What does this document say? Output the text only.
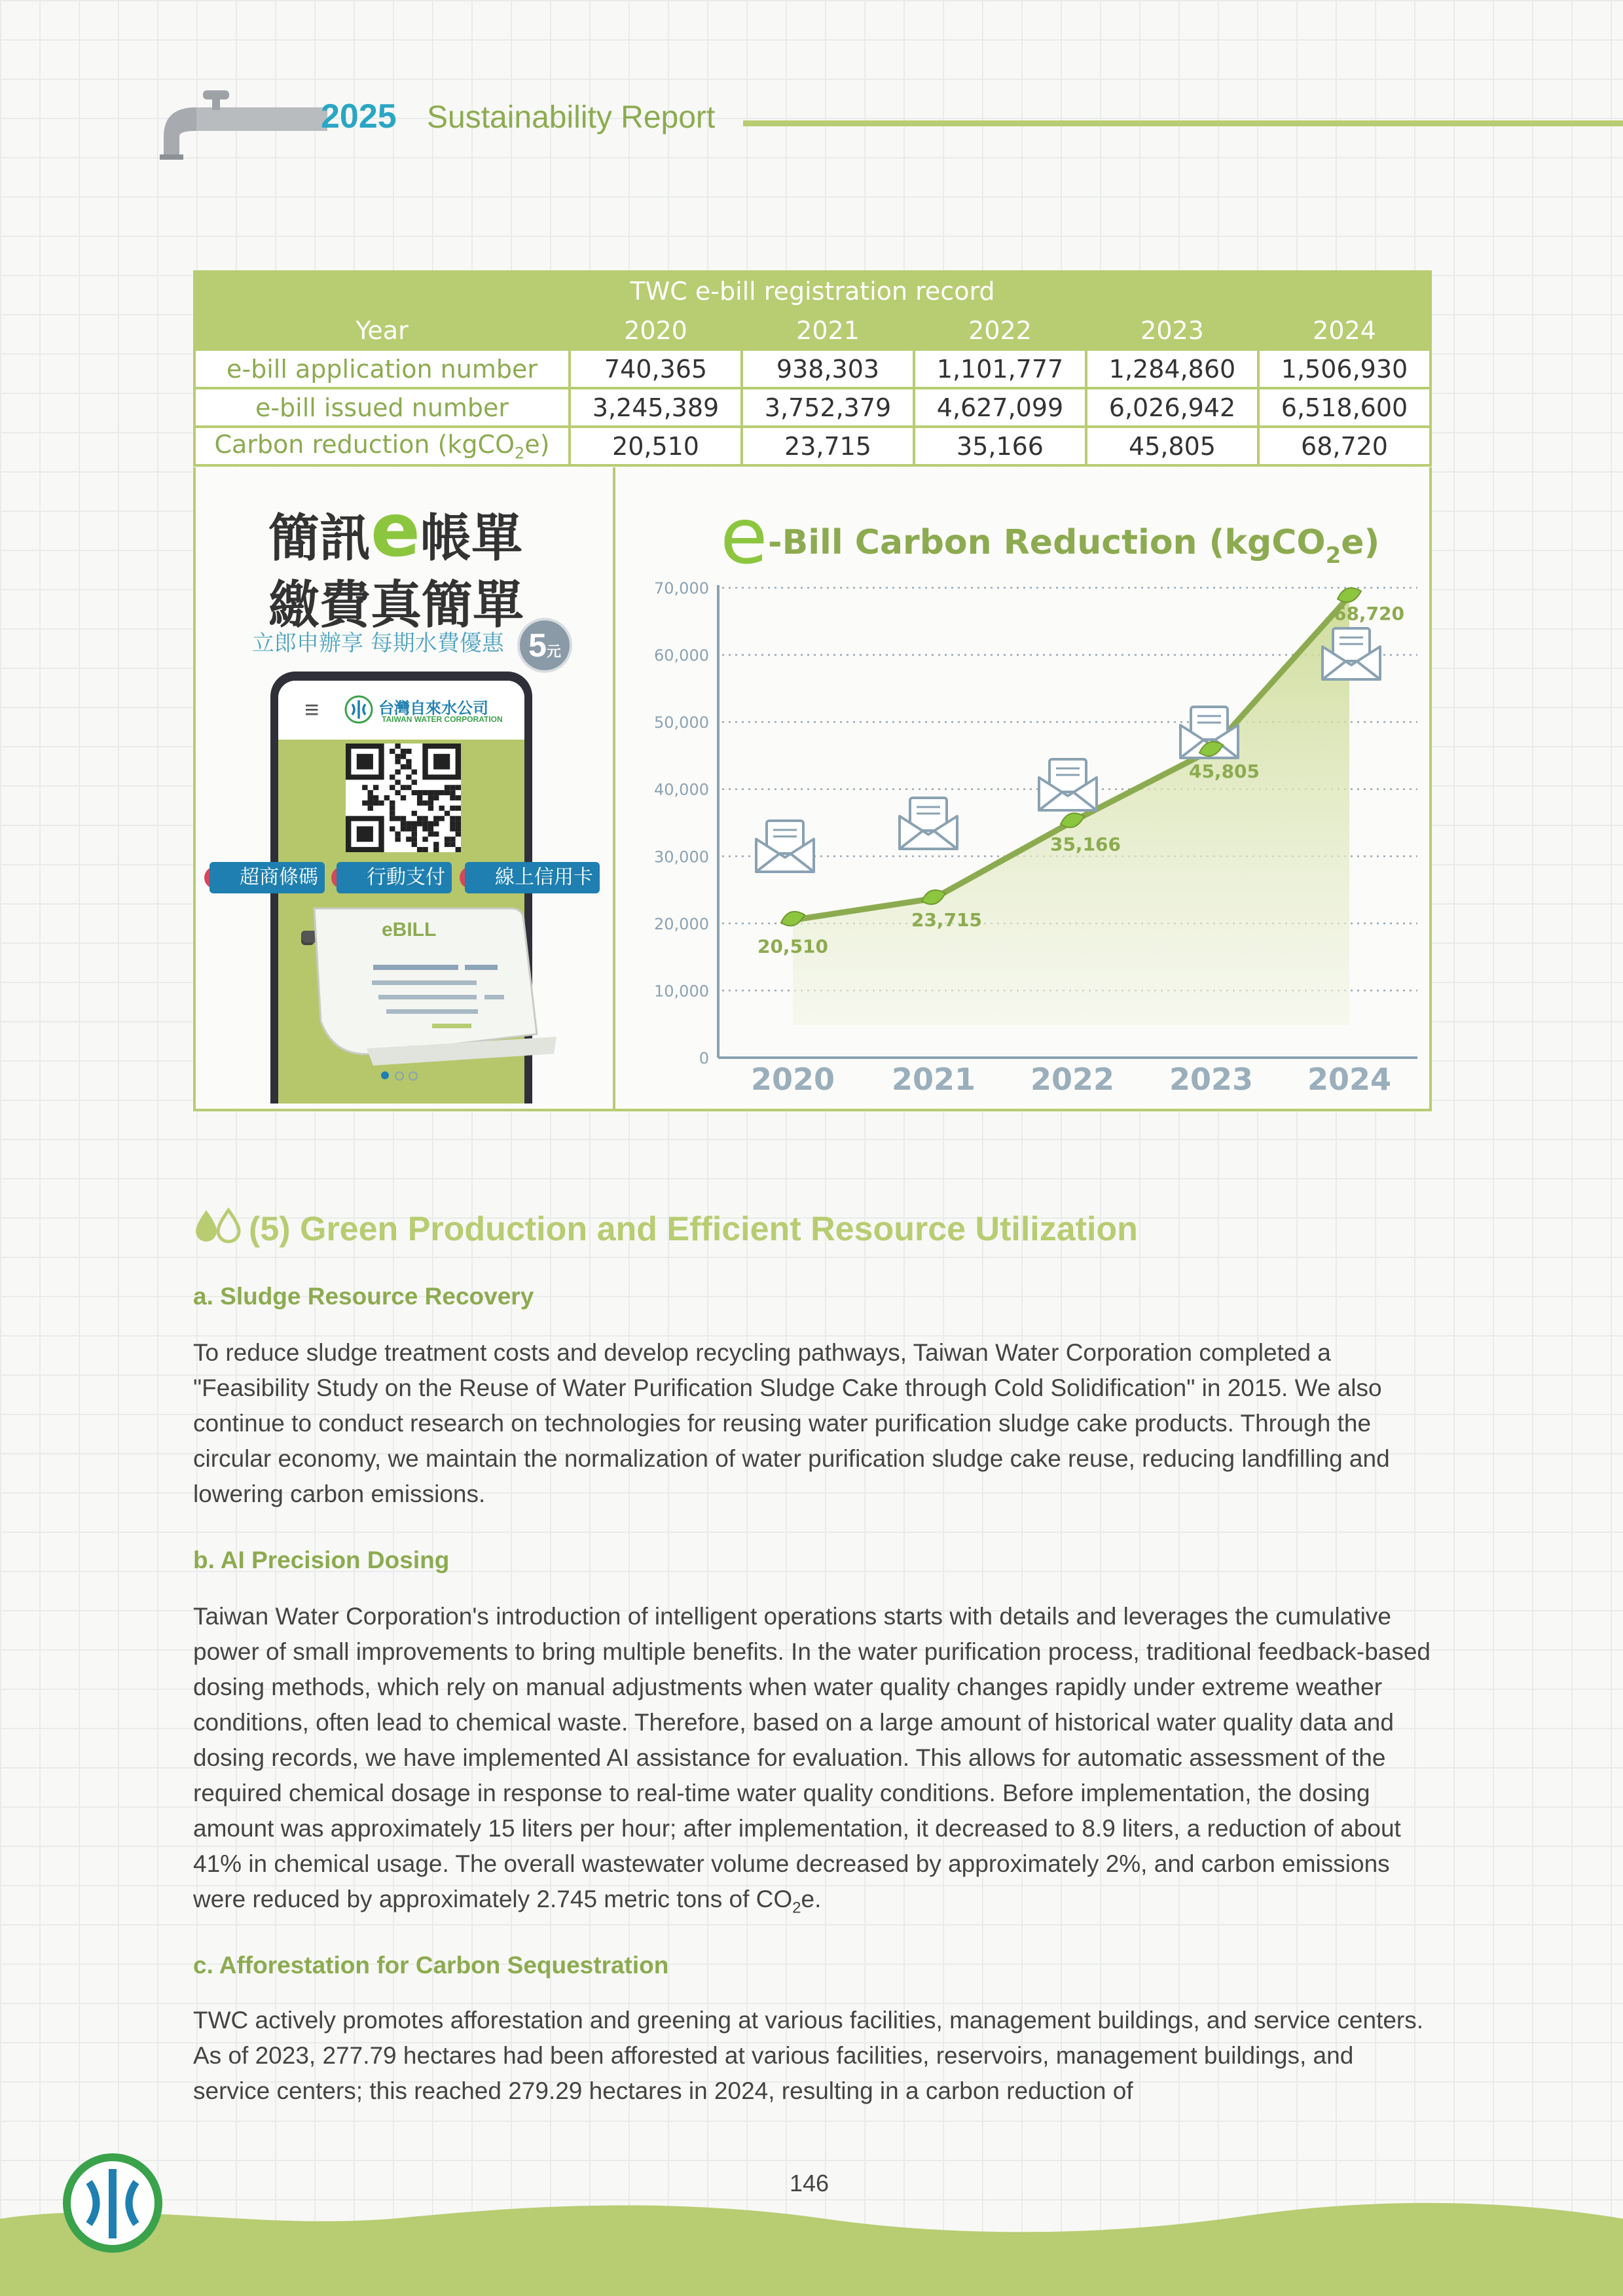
2025 Sustainability Report
TWC e-bill registration record					
Year	2020	2021	2022	2023	2024
e-bill application number	740,365	938,303	1,101,777	1,284,860	1,506,930
e-bill issued number	3,245,389	3,752,379	4,627,099	6,026,942	6,518,600
Carbon reduction (kgCO$_2$e)	20,510	23,715	35,166	45,805	68,720
簡訊e帳單
繳費真簡單
立郎申辦享 每期水費優惠 5元
≡	台灣自來水公司
TAIWAN WATER CORPORATION
超商條碼	行動支付	線上信用卡
eBILL
e -Bill Carbon Reduction (kgCO$_2$e)
0
10,000
20,000
30,000
40,000
50,000
60,000
70,000
2020 2021 2022 2023 2024
20,510
23,715
35,166
45,805
68,720
(5) Green Production and Efficient Resource Utilization
a. Sludge Resource Recovery

To reduce sludge treatment costs and develop recycling pathways, Taiwan Water Corporation completed a "Feasibility Study on the Reuse of Water Purification Sludge Cake through Cold Solidification" in 2015. We also continue to conduct research on technologies for reusing water purification sludge cake products. Through the circular economy, we maintain the normalization of water purification sludge cake reuse, reducing landfilling and lowering carbon emissions.

b. AI Precision Dosing

Taiwan Water Corporation's introduction of intelligent operations starts with details and leverages the cumulative power of small improvements to bring multiple benefits. In the water purification process, traditional feedback-based dosing methods, which rely on manual adjustments when water quality changes rapidly under extreme weather conditions, often lead to chemical waste. Therefore, based on a large amount of historical water quality data and dosing records, we have implemented AI assistance for evaluation. This allows for automatic assessment of the required chemical dosage in response to real-time water quality conditions. Before implementation, the dosing amount was approximately 15 liters per hour; after implementation, it decreased to 8.9 liters, a reduction of about 41% in chemical usage. The overall wastewater volume decreased by approximately 2%, and carbon emissions were reduced by approximately 2.745 metric tons of $CO_2e$.

c. Afforestation for Carbon Sequestration

TWC actively promotes afforestation and greening at various facilities, management buildings, and service centers. As of 2023, 277.79 hectares had been afforested at various facilities, reservoirs, management buildings, and service centers; this reached 279.29 hectares in 2024, resulting in a carbon reduction of

146
